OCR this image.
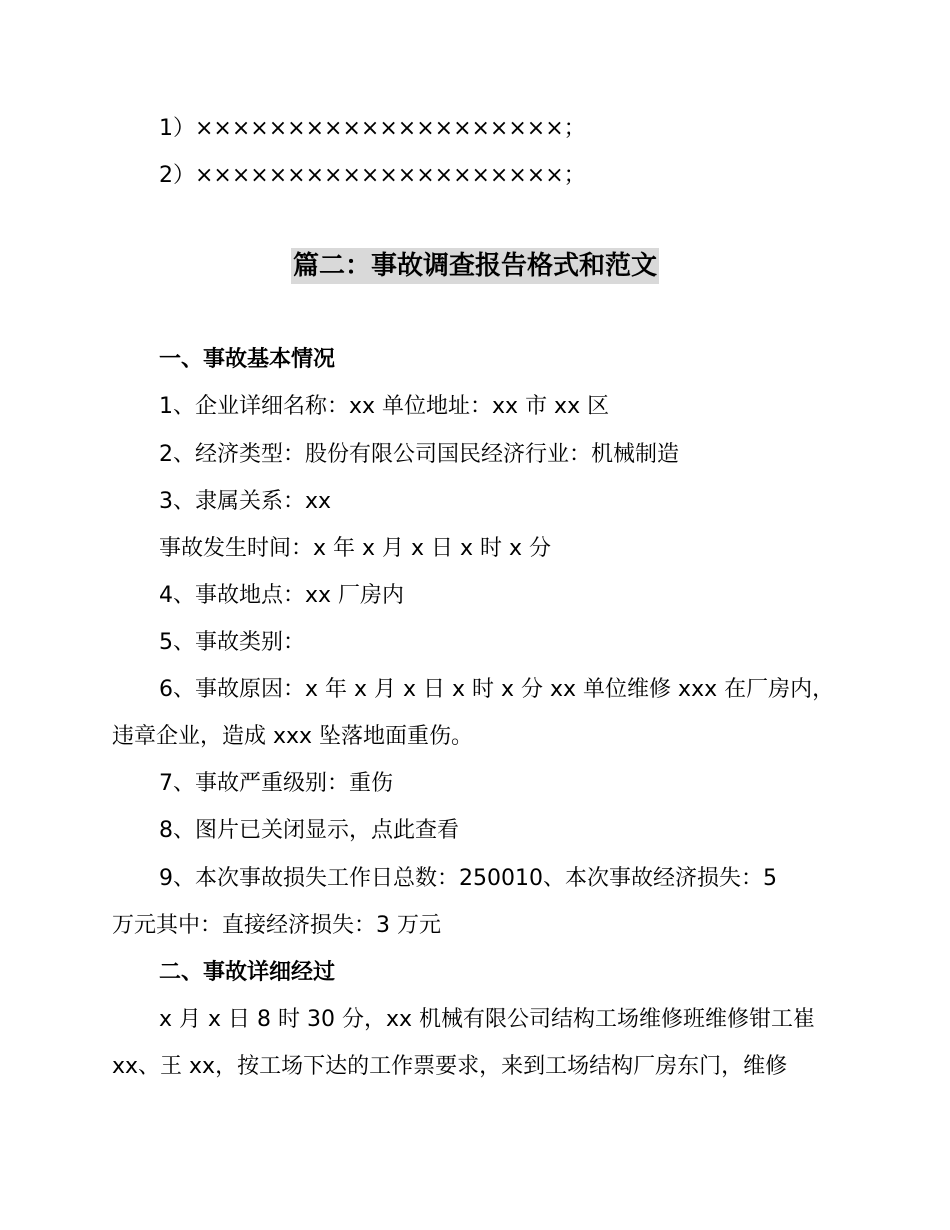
1）××××××××××××××××××××；
2）××××××××××××××××××××；
篇二：事故调查报告格式和范文
一、事故基本情况
1、企业详细名称：xx 单位地址：xx 市 xx 区
2、经济类型：股份有限公司国民经济行业：机械制造
3、隶属关系：xx
事故发生时间：x 年 x 月 x 日 x 时 x 分
4、事故地点：xx 厂房内
5、事故类别：
6、事故原因：x 年 x 月 x 日 x 时 x 分 xx 单位维修 xxx 在厂房内，
违章企业，造成 xxx 坠落地面重伤。
7、事故严重级别：重伤
8、图片已关闭显示，点此查看
9、本次事故损失工作日总数：250010、本次事故经济损失：5
万元其中：直接经济损失：3 万元
二、事故详细经过
x 月 x 日 8 时 30 分，xx 机械有限公司结构工场维修班维修钳工崔
xx、王 xx，按工场下达的工作票要求，来到工场结构厂房东门，维修
